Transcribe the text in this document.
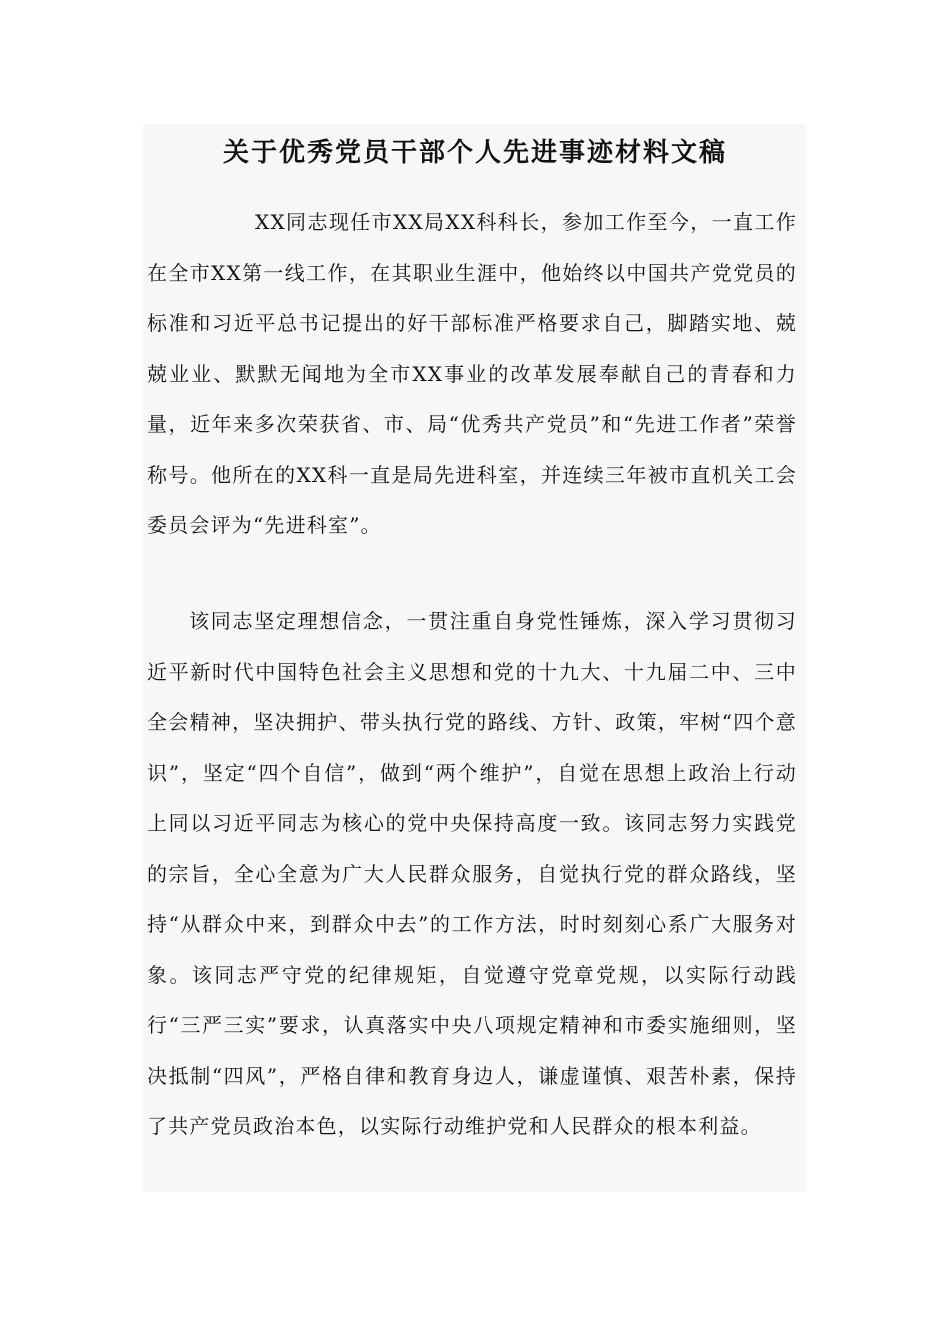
关于优秀党员干部个人先进事迹材料文稿

XX同志现任市XX局XX科科长，参加工作至今，一直工作在全市XX第一线工作，在其职业生涯中，他始终以中国共产党党员的标准和习近平总书记提出的好干部标准严格要求自己，脚踏实地、兢兢业业、默默无闻地为全市XX事业的改革发展奉献自己的青春和力量，近年来多次荣获省、市、局“优秀共产党员”和“先进工作者”荣誉称号。他所在的XX科一直是局先进科室，并连续三年被市直机关工会委员会评为“先进科室”。

该同志坚定理想信念，一贯注重自身党性锤炼，深入学习贯彻习近平新时代中国特色社会主义思想和党的十九大、十九届二中、三中全会精神，坚决拥护、带头执行党的路线、方针、政策，牢树“四个意识”，坚定“四个自信”，做到“两个维护”，自觉在思想上政治上行动上同以习近平同志为核心的党中央保持高度一致。该同志努力实践党的宗旨，全心全意为广大人民群众服务，自觉执行党的群众路线，坚持“从群众中来，到群众中去”的工作方法，时时刻刻心系广大服务对象。该同志严守党的纪律规矩，自觉遵守党章党规，以实际行动践行“三严三实”要求，认真落实中央八项规定精神和市委实施细则，坚决抵制“四风”，严格自律和教育身边人，谦虚谨慎、艰苦朴素，保持了共产党员政治本色，以实际行动维护党和人民群众的根本利益。
